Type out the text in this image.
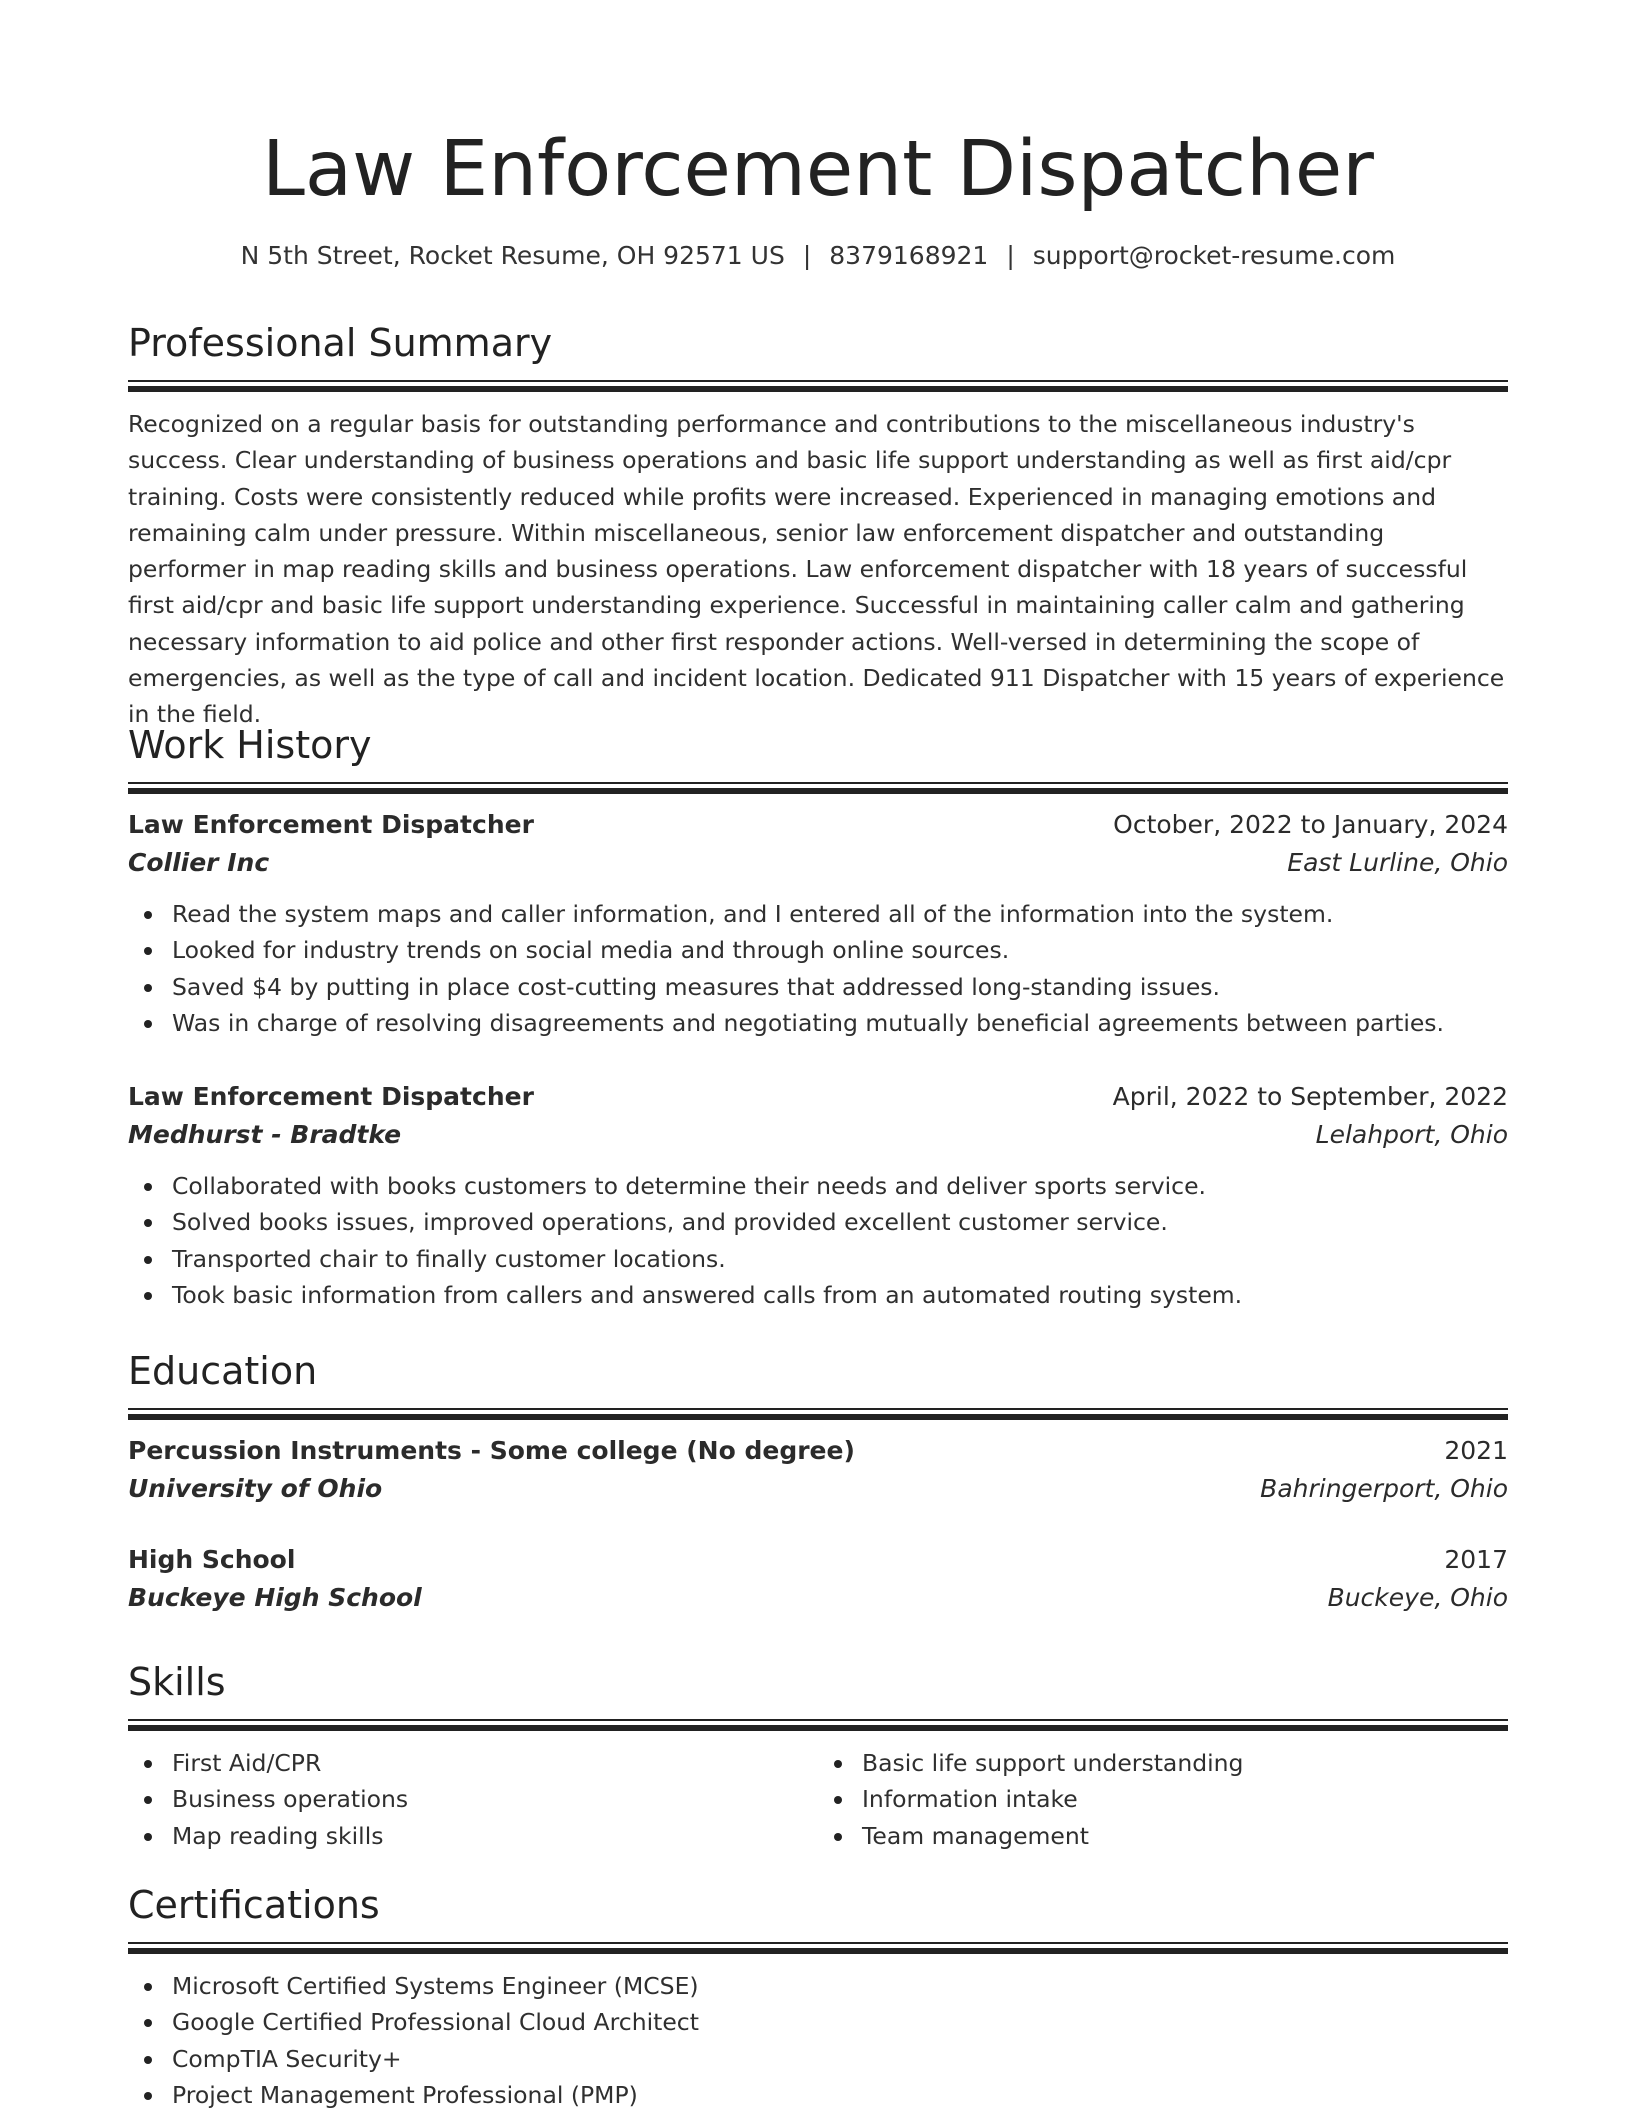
Law Enforcement Dispatcher
N 5th Street, Rocket Resume, OH 92571 US | 8379168921 | support@rocket-resume.com
Professional Summary

Recognized on a regular basis for outstanding performance and contributions to the miscellaneous industry's success. Clear understanding of business operations and basic life support understanding as well as first aid/cpr training. Costs were consistently reduced while profits were increased. Experienced in managing emotions and remaining calm under pressure. Within miscellaneous, senior law enforcement dispatcher and outstanding performer in map reading skills and business operations. Law enforcement dispatcher with 18 years of successful first aid/cpr and basic life support understanding experience. Successful in maintaining caller calm and gathering necessary information to aid police and other first responder actions. Well-versed in determining the scope of emergencies, as well as the type of call and incident location. Dedicated 911 Dispatcher with 15 years of experience in the field.

Work History
Law Enforcement Dispatcher	October, 2022 to January, 2024
Collier Inc	East Lurline, Ohio
Read the system maps and caller information, and I entered all of the information into the system.
Looked for industry trends on social media and through online sources.
Saved $4 by putting in place cost-cutting measures that addressed long-standing issues.
Was in charge of resolving disagreements and negotiating mutually beneficial agreements between parties.
Law Enforcement Dispatcher	April, 2022 to September, 2022
Medhurst - Bradtke	Lelahport, Ohio
Collaborated with books customers to determine their needs and deliver sports service.
Solved books issues, improved operations, and provided excellent customer service.
Transported chair to finally customer locations.
Took basic information from callers and answered calls from an automated routing system.
Education
Percussion Instruments - Some college (No degree)	2021
University of Ohio	Bahringerport, Ohio
High School	2017
Buckeye High School	Buckeye, Ohio
Skills
First Aid/CPR
Business operations
Map reading skills
Basic life support understanding
Information intake
Team management
Certifications
Microsoft Certified Systems Engineer (MCSE)
Google Certified Professional Cloud Architect
CompTIA Security+
Project Management Professional (PMP)
